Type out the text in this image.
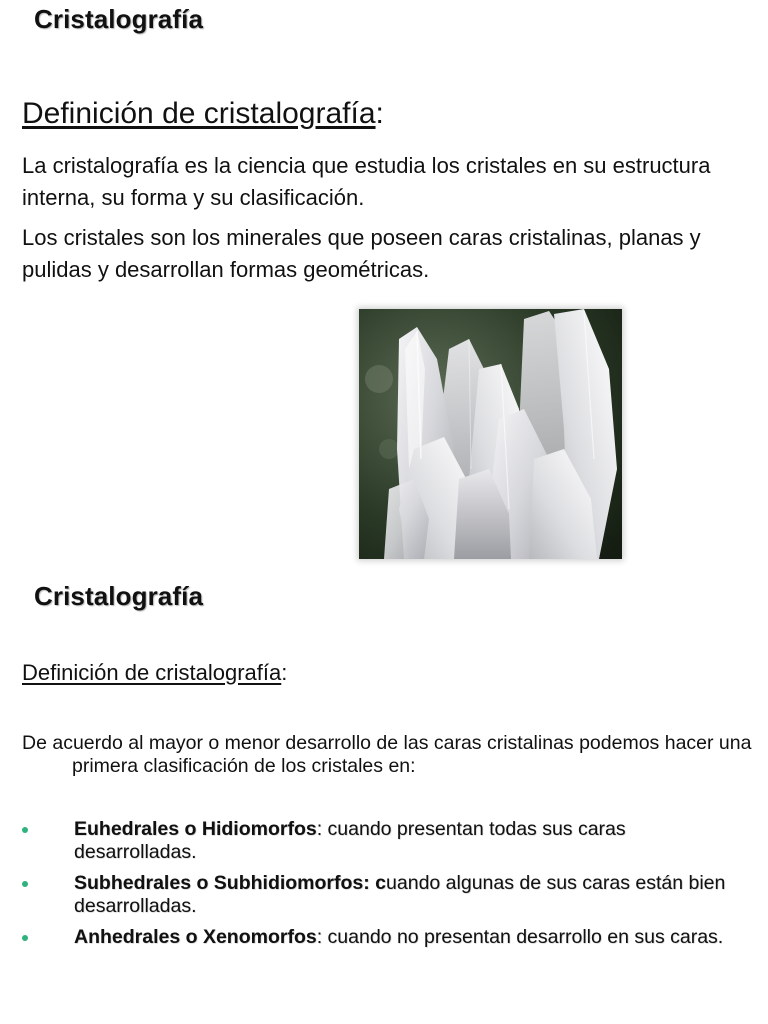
Cristalografía
Definición de cristalografía:

La cristalografía es la ciencia que estudia los cristales en su estructura interna, su forma y su clasificación.

Los cristales son los minerales que poseen caras cristalinas, planas y pulidas y desarrollan formas geométricas.

Cristalografía
Definición de cristalografía:

De acuerdo al mayor o menor desarrollo de las caras cristalinas podemos hacer una primera clasificación de los cristales en:

Euhedrales o Hidiomorfos: cuando presentan todas sus caras desarrolladas.
Subhedrales o Subhidiomorfos: cuando algunas de sus caras están bien desarrolladas.
Anhedrales o Xenomorfos: cuando no presentan desarrollo en sus caras.
